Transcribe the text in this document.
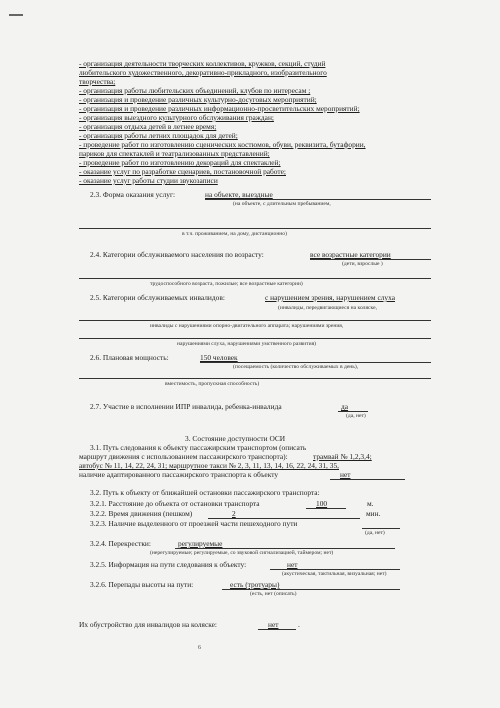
- организация деятельности творческих коллективов, кружков, секций, студий
любительского художественного, декоративно-прикладного, изобразительного
творчества;
- организация работы любительских объединений, клубов по интересам ;
- организация и проведение различных культурно-досуговых мероприятий;
- организация и проведение различных информационно-просветительских мероприятий;
- организация выездного культурного обслуживания граждан;
- организация отдыха детей в летнее время;
- организация работы летних площадок для детей;
- проведение работ по изготовлению сценических костюмов, обуви, реквизита, бутафории,
париков для спектаклей и театрализованных представлений;
- проведение работ по изготовлению декораций для спектаклей;
- оказание услуг по разработке сценариев, постановочной работе;
- оказание услуг работы студии звукозаписи
2.3. Форма оказания услуг:	на объекте, выездные
(на объекте, с длительным пребыванием,
в т.ч. проживанием, на дому, дистанционно)
2.4. Категории обслуживаемого населения по возрасту:	все возрастные категории
(дети, взрослые )
трудоспособного возраста, пожилые; все возрастные категории)
2.5. Категории обслуживаемых инвалидов:	с нарушением зрения, нарушением слуха
(инвалиды, передвигающиеся на коляске,
инвалиды с нарушениями опорно-двигательного аппарата; нарушениями зрения,
нарушениями слуха, нарушениями умственного развития)
2.6. Плановая мощность:	150 человек
(посещаемость (количество обслуживаемых в день),
вместимость, пропускная способность)
2.7. Участие в исполнении ИПР инвалида, ребенка-инвалида	да
(да, нет)
3. Состояние доступности ОСИ
3.1. Путь следования к объекту пассажирским транспортом (описать
маршрут движения с использованием пассажирского транспорта):	трамвай № 1,2,3,4;
автобус № 11, 14, 22, 24, 31; маршрутное такси № 2, 3, 11, 13, 14, 16, 22, 24, 31, 35,
наличие адаптированного пассажирского транспорта к объекту	нет
3.2. Путь к объекту от ближайшей остановки пассажирского транспорта:
3.2.1. Расстояние до объекта от остановки транспорта	100	м.
3.2.2. Время движения (пешком)	2	мин.
3.2.3. Наличие выделенного от проезжей части пешеходного пути
(да, нет)
3.2.4. Перекрестки:	регулируемые
(нерегулируемые; регулируемые, со звуковой сигнализацией, таймером; нет)
3.2.5. Информация на пути следования к объекту:	нет
(акустическая, тактильная, визуальная; нет)
3.2.6. Перепады высоты на пути:	есть (тротуары)
(есть, нет (описать)
Их обустройство для инвалидов на коляске:	нет	.
6
